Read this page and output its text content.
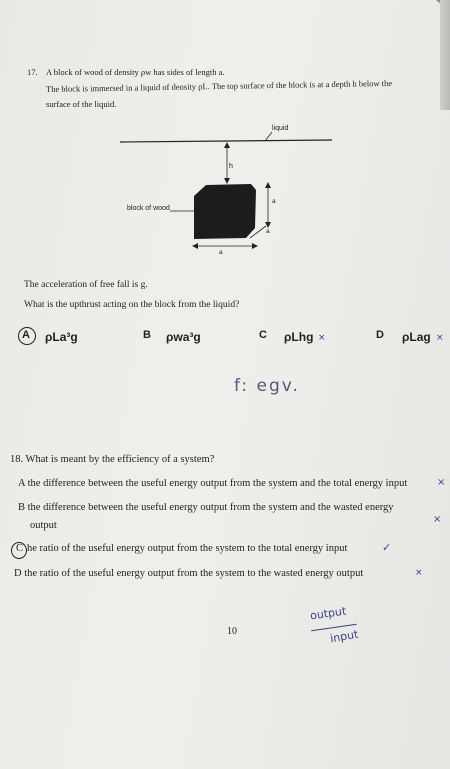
17. A block of wood of density ρw has sides of length a.
The block is immersed in a liquid of density ρL. The top surface of the block is at a depth h below the
surface of the liquid.
liquid
h
block of wood
a
a
a
The acceleration of free fall is g.
What is the upthrust acting on the block from the liquid?
A ρLa³g	B ρwa³g	C ρLhg ×	D ρLag ×
f: egv.
18. What is meant by the efficiency of a system?
A the difference between the useful energy output from the system and the total energy input	×
B the difference between the useful energy output from the system and the wasted energy
output
×
C he ratio of the useful energy output from the system to the total energy input	✓
D the ratio of the useful energy output from the system to the wasted energy output	×
10
output
input
